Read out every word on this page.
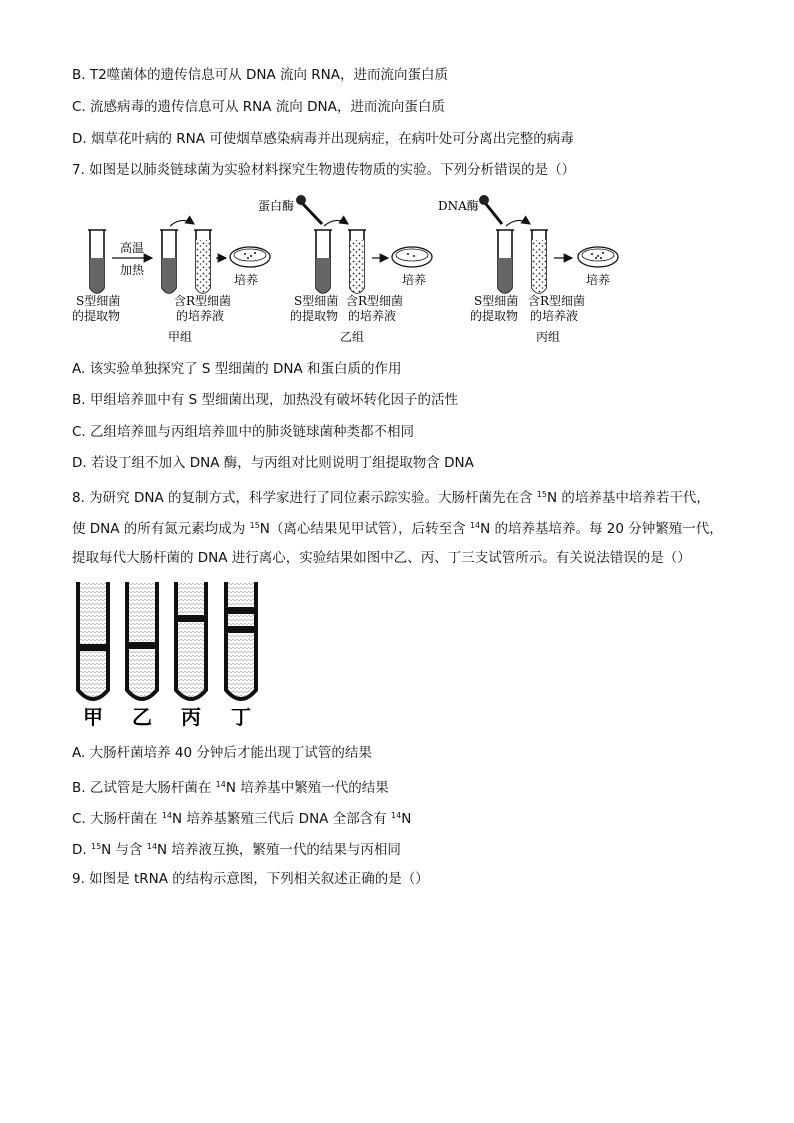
B. T2噬菌体的遗传信息可从 DNA 流向 RNA，进而流向蛋白质
C. 流感病毒的遗传信息可从 RNA 流向 DNA，进而流向蛋白质
D. 烟草花叶病的 RNA 可使烟草感染病毒并出现病症，在病叶处可分离出完整的病毒
7. 如图是以肺炎链球菌为实验材料探究生物遗传物质的实验。下列分析错误的是（）
高温
加热
培养
S型细菌
的提取物
含R型细菌
的培养液
甲组
蛋白酶
培养
S型细菌
的提取物
含R型细菌
的培养液
乙组
DNA酶
培养
S型细菌
的提取物
含R型细菌
的培养液
丙组
A. 该实验单独探究了 S 型细菌的 DNA 和蛋白质的作用
B. 甲组培养皿中有 S 型细菌出现，加热没有破坏转化因子的活性
C. 乙组培养皿与丙组培养皿中的肺炎链球菌种类都不相同
D. 若设丁组不加入 DNA 酶，与丙组对比则说明丁组提取物含 DNA
8. 为研究 DNA 的复制方式，科学家进行了同位素示踪实验。大肠杆菌先在含 $^{15}$N 的培养基中培养若干代，
使 DNA 的所有氮元素均成为 $^{15}$N（离心结果见甲试管），后转至含 $^{14}$N 的培养基培养。每 20 分钟繁殖一代，
提取每代大肠杆菌的 DNA 进行离心，实验结果如图中乙、丙、丁三支试管所示。有关说法错误的是（）
甲 乙 丙 丁
A. 大肠杆菌培养 40 分钟后才能出现丁试管的结果
B. 乙试管是大肠杆菌在 $^{14}$N 培养基中繁殖一代的结果
C. 大肠杆菌在 $^{14}$N 培养基繁殖三代后 DNA 全部含有 $^{14}$N
D. $^{15}$N 与含 $^{14}$N 培养液互换，繁殖一代的结果与丙相同
9. 如图是 tRNA 的结构示意图，下列相关叙述正确的是（）
